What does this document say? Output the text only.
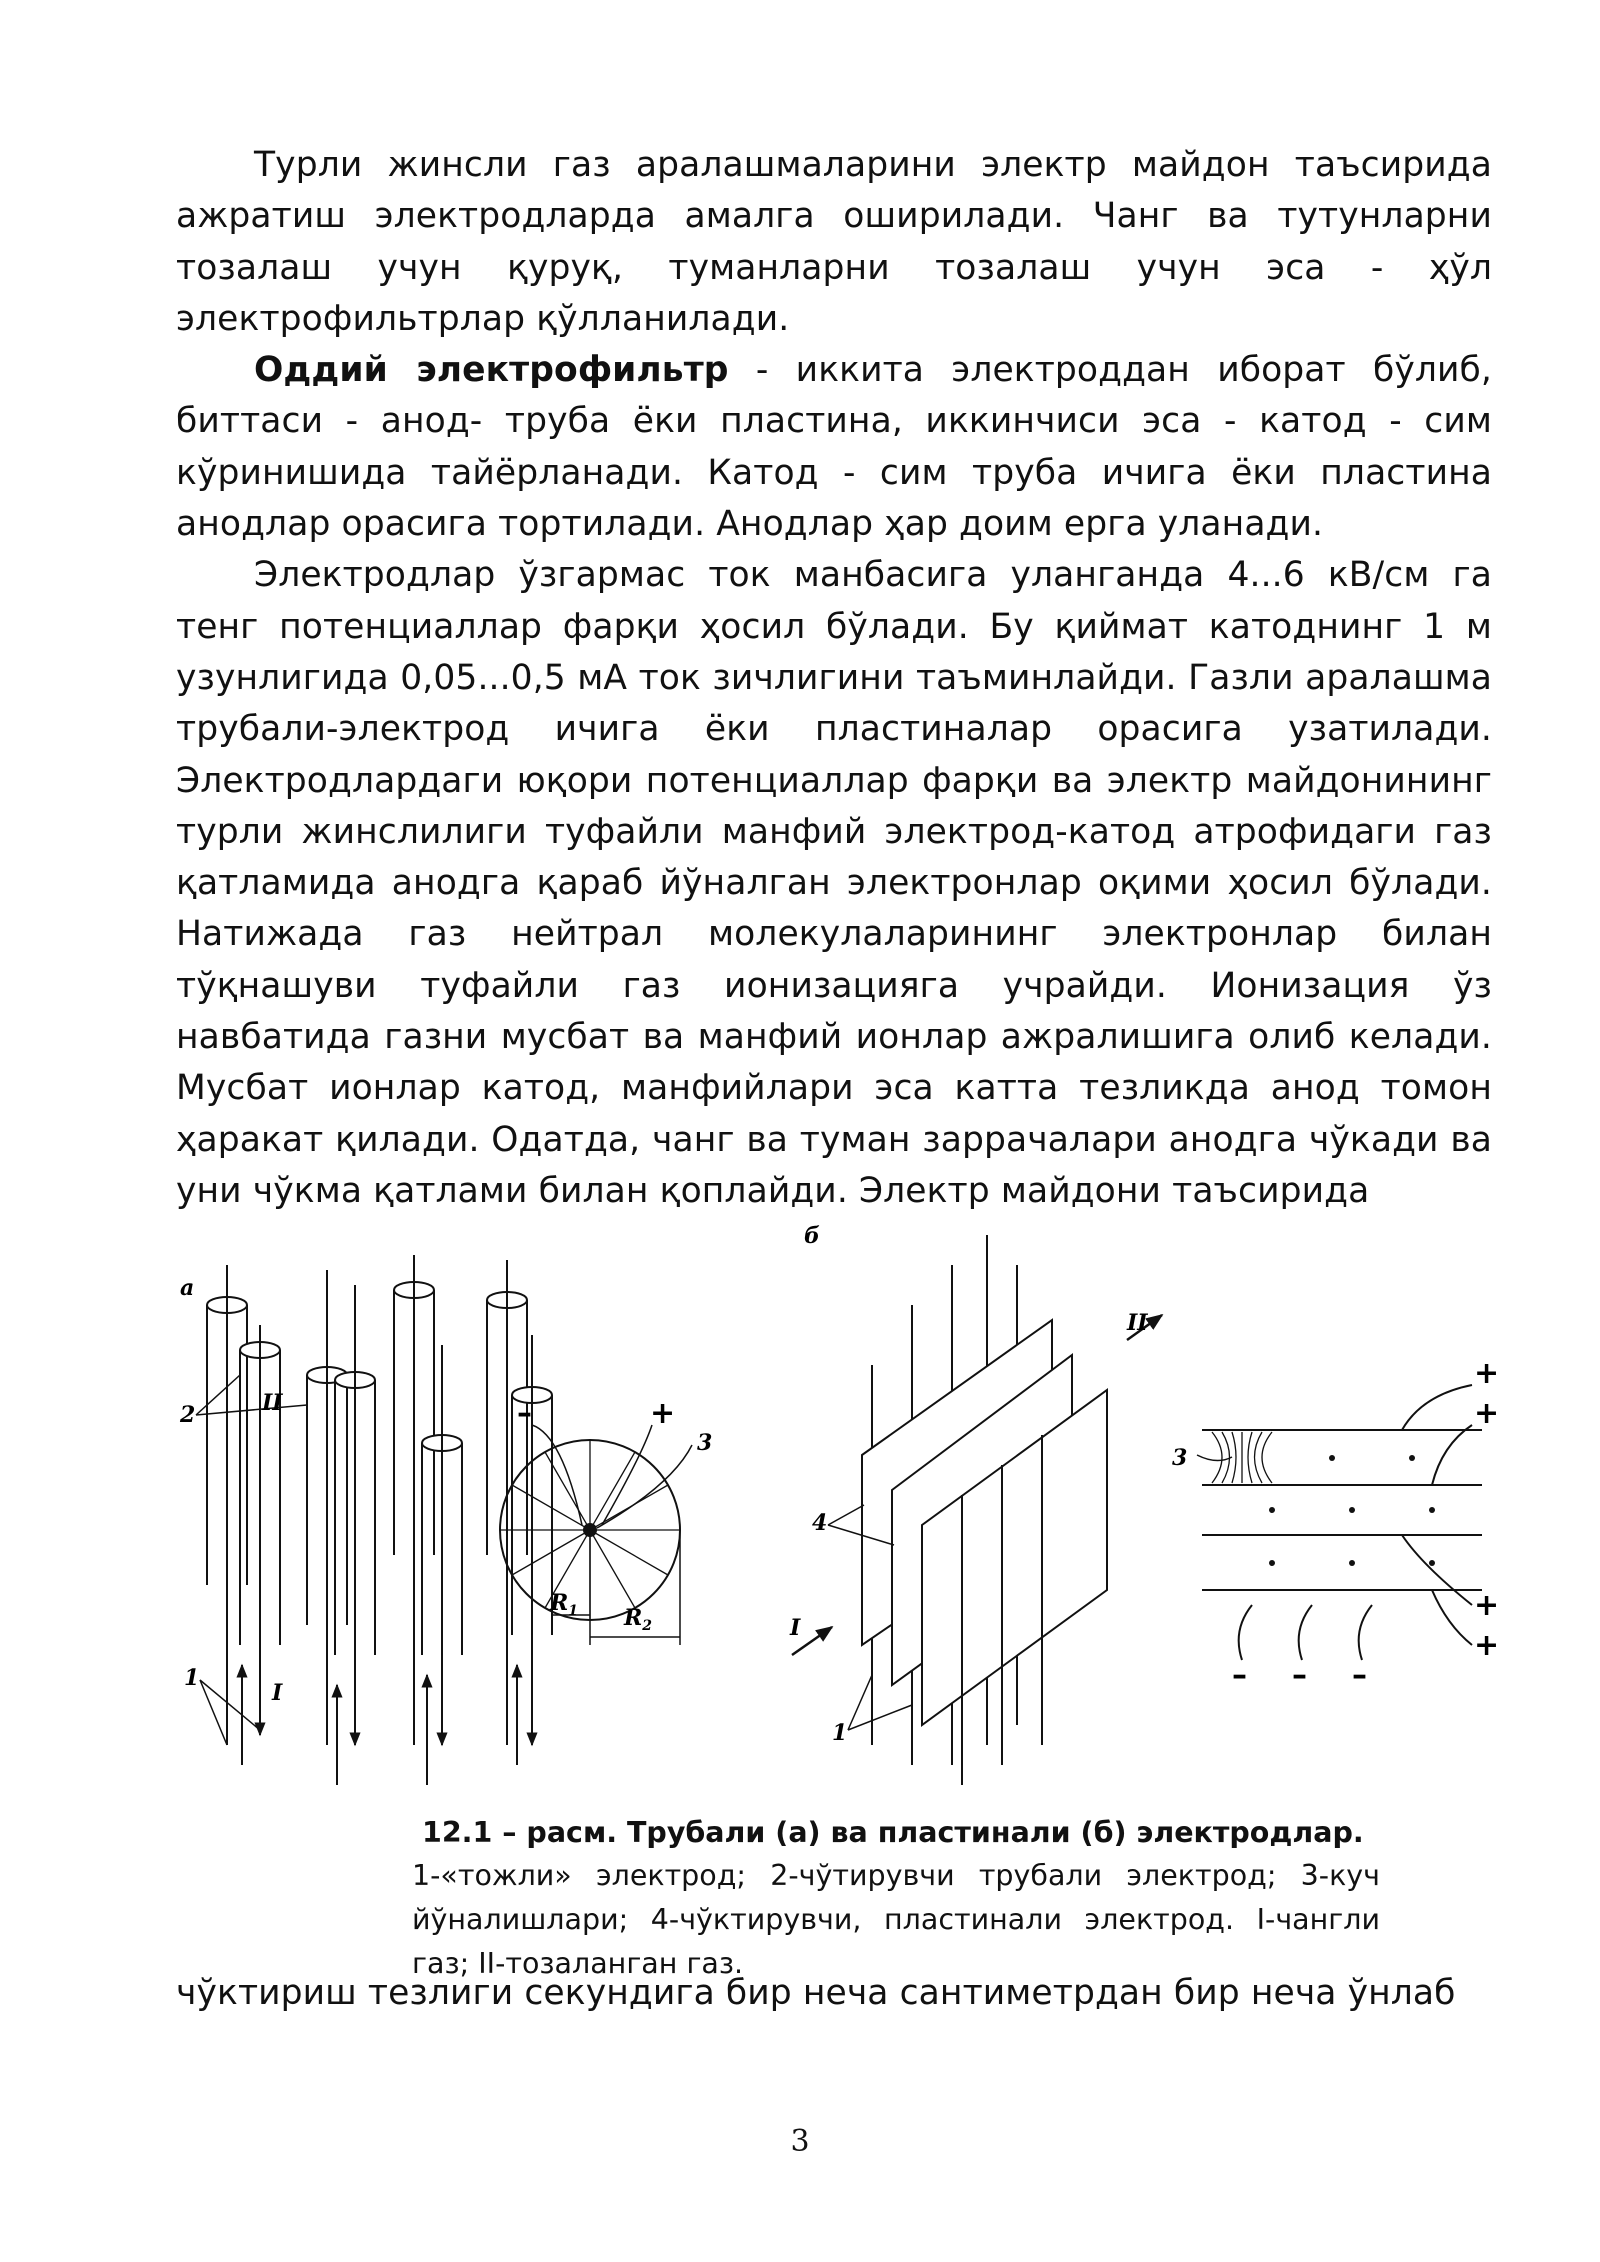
Турли жинсли газ аралашмаларини электр майдон таъсирида ажратиш электродларда амалга оширилади. Чанг ва тутунларни тозалаш учун қуруқ, туманларни тозалаш учун эса - ҳўл электрофильтрлар қўлланилади.

Оддий электрофильтр - иккита электроддан иборат бўлиб, биттаси - анод- труба ёки пластина, иккинчиси эса - катод - сим кўринишида тайёрланади. Катод - сим труба ичига ёки пластина анодлар орасига тортилади. Анодлар ҳар доим ерга уланади.

Электродлар ўзгармас ток манбасига уланганда 4...6 кВ/см га тенг потенциаллар фарқи ҳосил бўлади. Бу қиймат катоднинг 1 м узунлигида 0,05...0,5 мА ток зичлигини таъминлайди. Газли аралашма трубали-электрод ичига ёки пластиналар орасига узатилади. Электродлардаги юқори потенциаллар фарқи ва электр майдонининг турли жинслилиги туфайли манфий электрод-катод атрофидаги газ қатламида анодга қараб йўналган электронлар оқими ҳосил бўлади. Натижада газ нейтрал молекулаларининг электронлар билан тўқнашуви туфайли газ ионизацияга учрайди. Ионизация ўз навбатида газни мусбат ва манфий ионлар ажралишига олиб келади. Мусбат ионлар катод, манфийлари эса катта тезликда анод томон ҳаракат қилади. Одатда, чанг ва туман заррачалари анодга чўкади ва уни чўкма қатлами билан қоплайди. Электр майдони таъсирида

а
2	II
1
I
–	+
3
$R_1$ $R_2$
б
4
1
I
II
3
+
+
+
+
– – –

12.1 – расм. Трубали (а) ва пластинали (б) электродлар.

1-«тожли» электрод; 2-чўтирувчи трубали электрод; 3-куч йўналишлари; 4-чўктирувчи, пластинали электрод. I-чангли газ; II-тозаланган газ.

чўктириш тезлиги секундига бир неча сантиметрдан бир неча ўнлаб

3
